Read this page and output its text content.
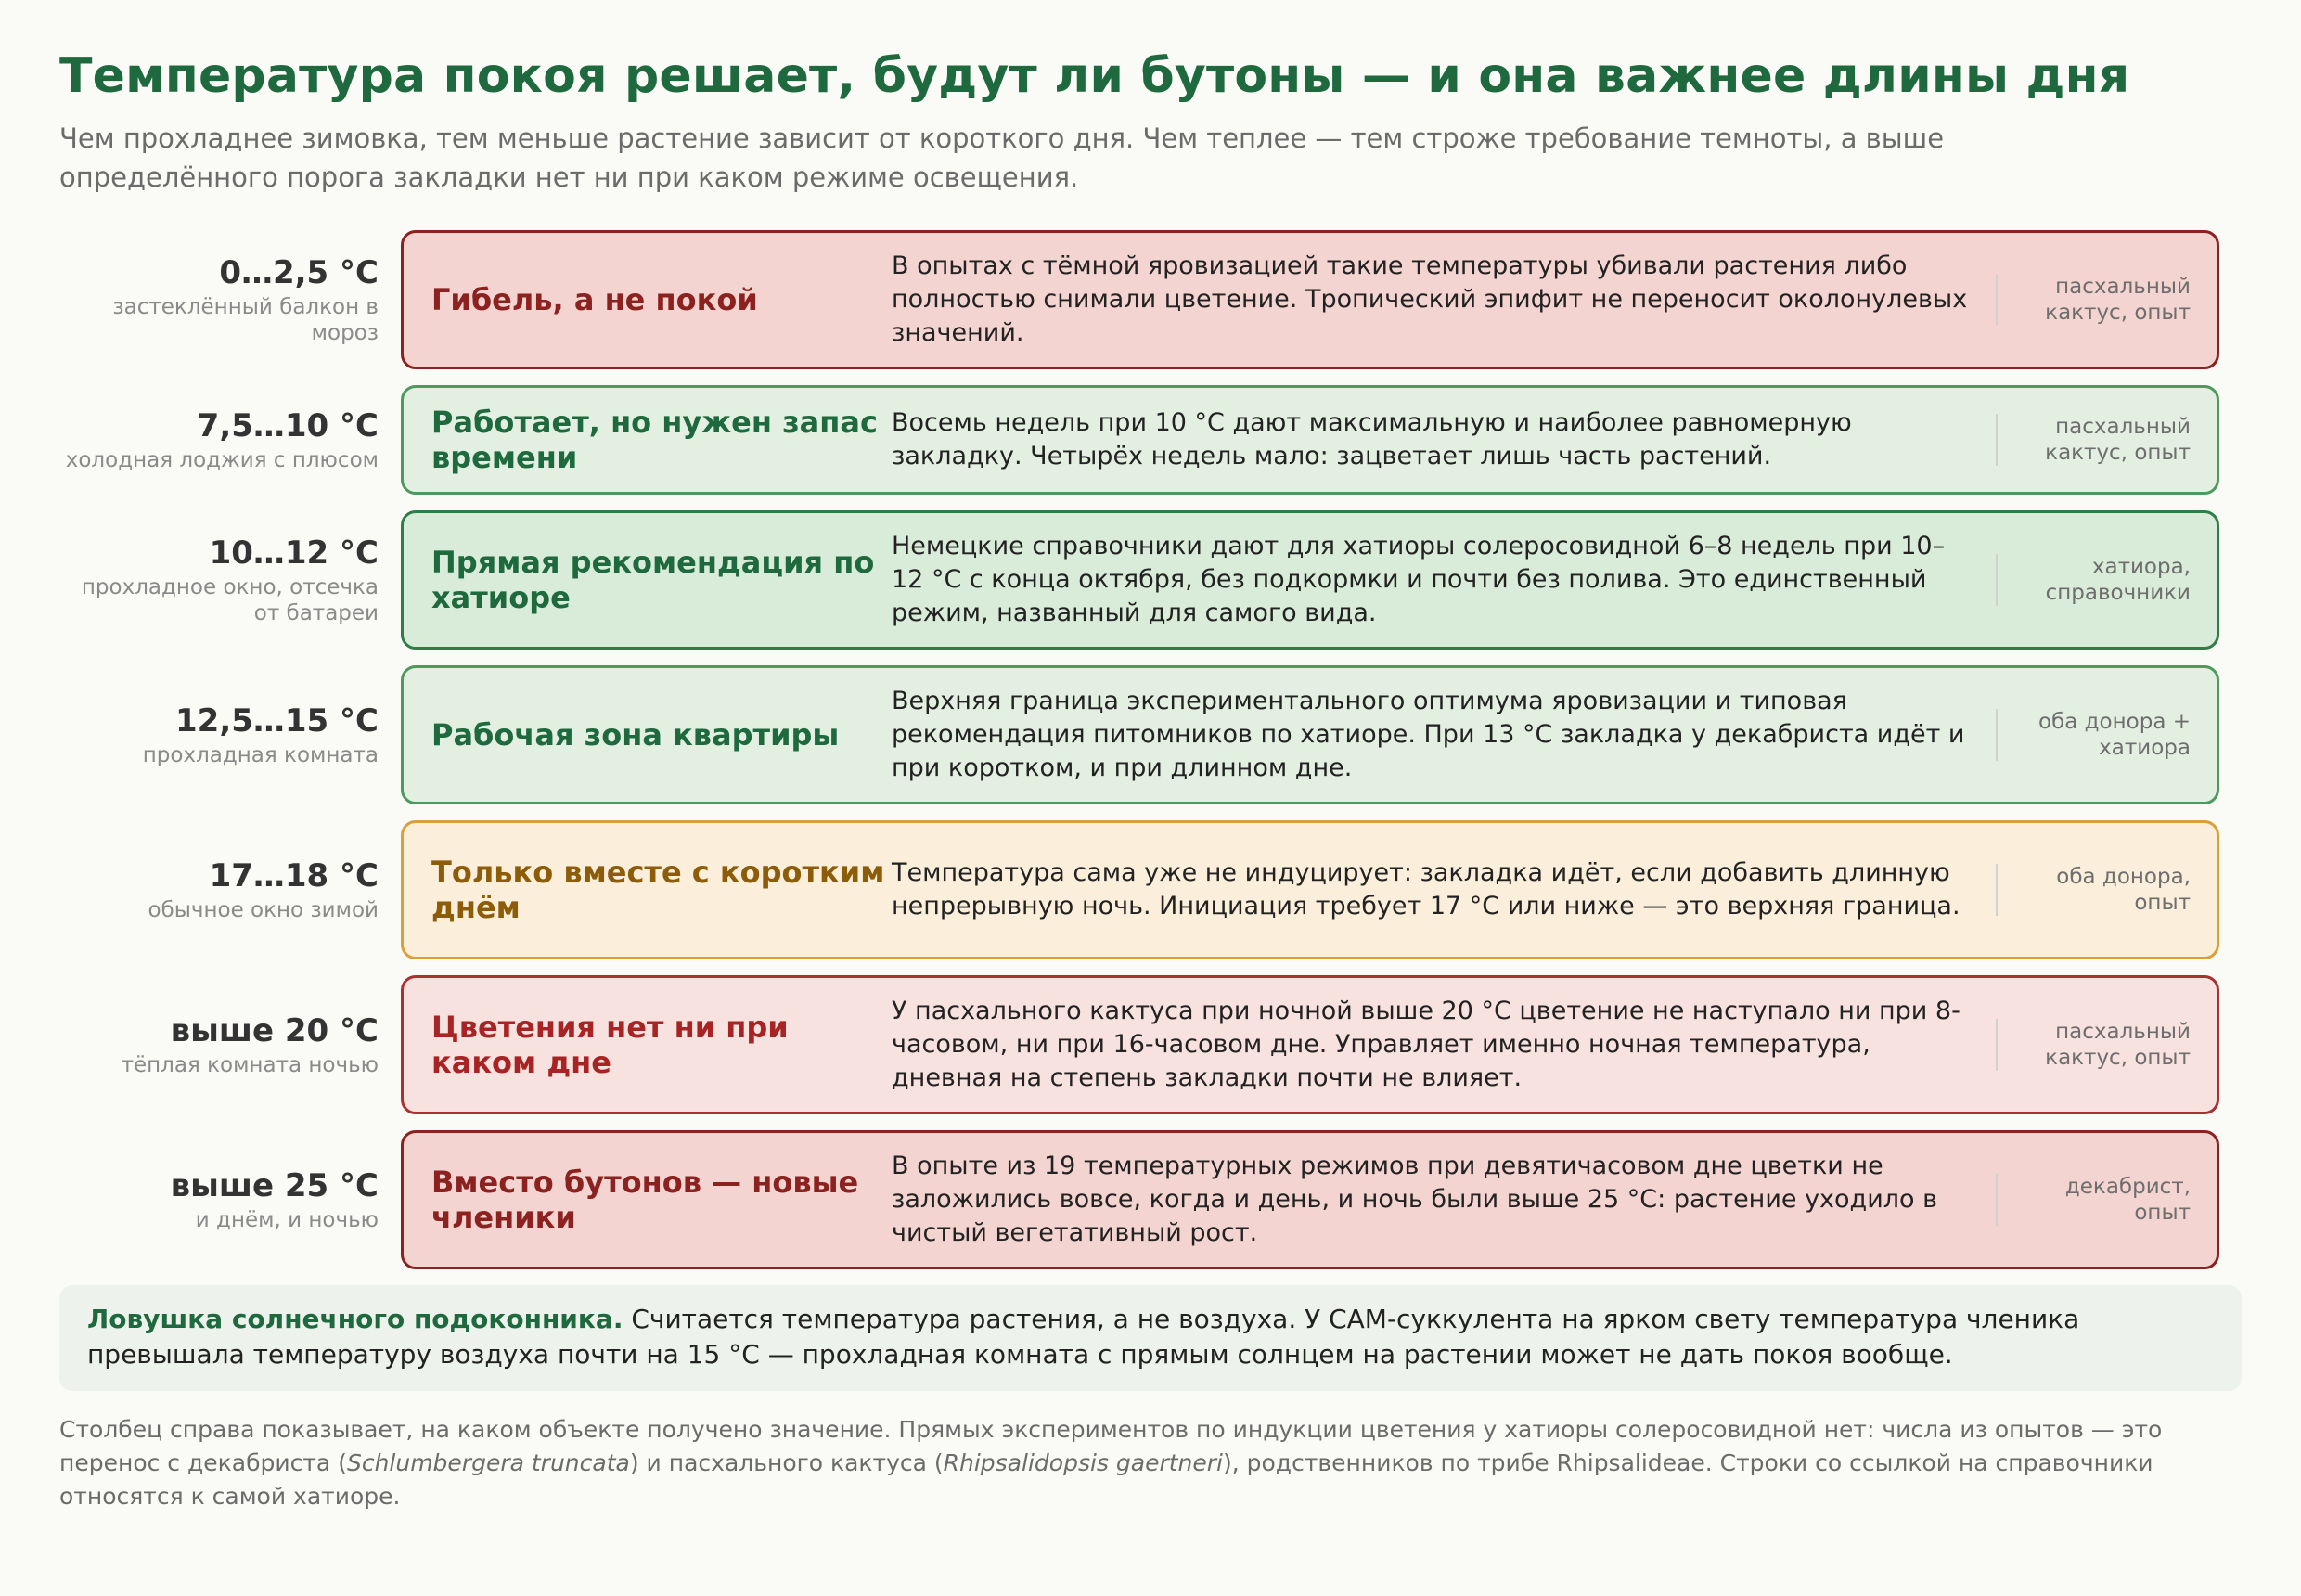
Температура покоя решает, будут ли бутоны — и она важнее длины дня

Чем прохладнее зимовка, тем меньше растение зависит от короткого дня. Чем теплее — тем строже требование темноты, а выше определённого порога закладки нет ни при каком режиме освещения.

0…2,5 °C
застеклённый балкон в мороз
Гибель, а не покой
В опытах с тёмной яровизацией такие температуры убивали растения либо полностью снимали цветение. Тропический эпифит не переносит околонулевых значений.
пасхальный кактус, опыт
7,5…10 °C
холодная лоджия с плюсом
Работает, но нужен запас времени
Восемь недель при 10 °C дают максимальную и наиболее равномерную закладку. Четырёх недель мало: зацветает лишь часть растений.
пасхальный кактус, опыт
10…12 °C
прохладное окно, отсечка от батареи
Прямая рекомендация по хатиоре
Немецкие справочники дают для хатиоры солеросовидной 6–8 недель при 10–12 °C с конца октября, без подкормки и почти без полива. Это единственный режим, названный для самого вида.
хатиора, справочники
12,5…15 °C
прохладная комната
Рабочая зона квартиры
Верхняя граница экспериментального оптимума яровизации и типовая рекомендация питомников по хатиоре. При 13 °C закладка у декабриста идёт и при коротком, и при длинном дне.
оба донора + хатиора
17…18 °C
обычное окно зимой
Только вместе с коротким днём
Температура сама уже не индуцирует: закладка идёт, если добавить длинную непрерывную ночь. Инициация требует 17 °C или ниже — это верхняя граница.
оба донора, опыт
выше 20 °C
тёплая комната ночью
Цветения нет ни при каком дне
У пасхального кактуса при ночной выше 20 °C цветение не наступало ни при 8-часовом, ни при 16-часовом дне. Управляет именно ночная температура, дневная на степень закладки почти не влияет.
пасхальный кактус, опыт
выше 25 °C
и днём, и ночью
Вместо бутонов — новые членики
В опыте из 19 температурных режимов при девятичасовом дне цветки не заложились вовсе, когда и день, и ночь были выше 25 °C: растение уходило в чистый вегетативный рост.
декабрист, опыт
Ловушка солнечного подоконника. Считается температура растения, а не воздуха. У CAM-суккулента на ярком свету температура членика превышала температуру воздуха почти на 15 °C — прохладная комната с прямым солнцем на растении может не дать покоя вообще.
Столбец справа показывает, на каком объекте получено значение. Прямых экспериментов по индукции цветения у хатиоры солеросовидной нет: числа из опытов — это перенос с декабриста (Schlumbergera truncata) и пасхального кактуса (Rhipsalidopsis gaertneri), родственников по трибе Rhipsalideae. Строки со ссылкой на справочники относятся к самой хатиоре.
